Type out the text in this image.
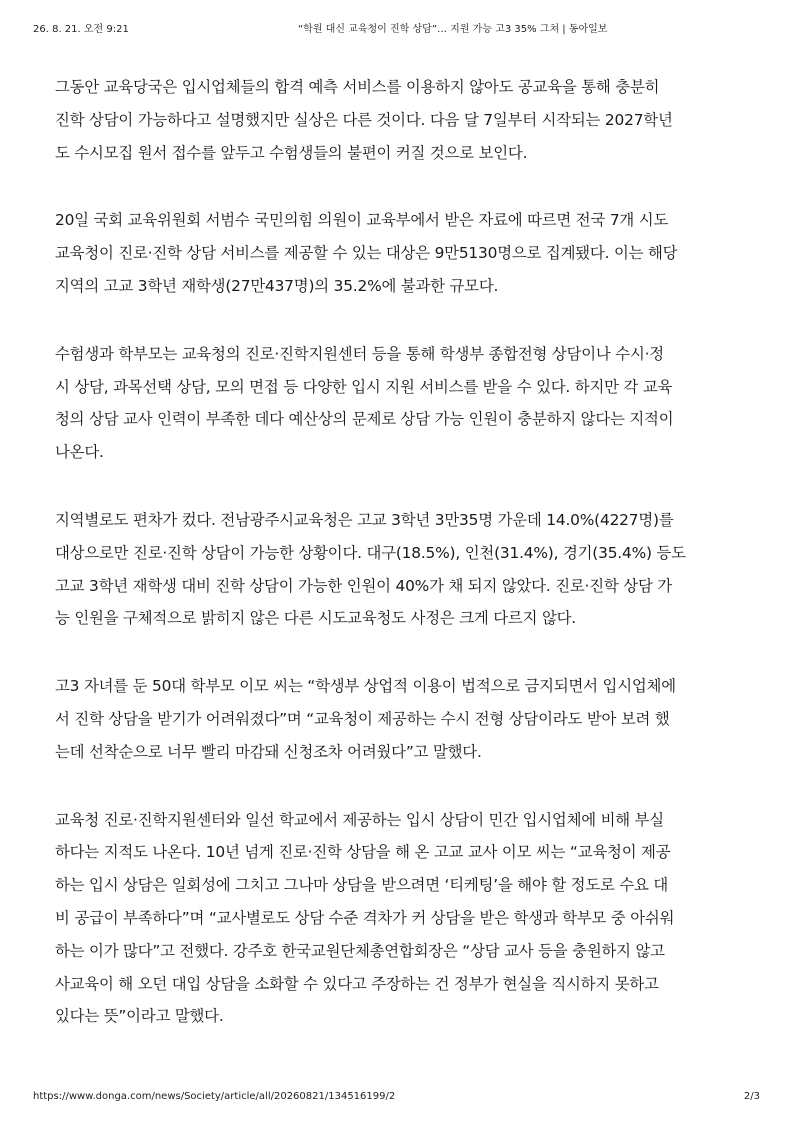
26. 8. 21. 오전 9:21	“학원 대신 교육청이 진학 상담”… 지원 가능 고3 35% 그쳐 | 동아일보

그동안 교육당국은 입시업체들의 합격 예측 서비스를 이용하지 않아도 공교육을 통해 충분히
진학 상담이 가능하다고 설명했지만 실상은 다른 것이다. 다음 달 7일부터 시작되는 2027학년
도 수시모집 원서 접수를 앞두고 수험생들의 불편이 커질 것으로 보인다.

20일 국회 교육위원회 서범수 국민의힘 의원이 교육부에서 받은 자료에 따르면 전국 7개 시도
교육청이 진로·진학 상담 서비스를 제공할 수 있는 대상은 9만5130명으로 집계됐다. 이는 해당
지역의 고교 3학년 재학생(27만437명)의 35.2%에 불과한 규모다.

수험생과 학부모는 교육청의 진로·진학지원센터 등을 통해 학생부 종합전형 상담이나 수시·정
시 상담, 과목선택 상담, 모의 면접 등 다양한 입시 지원 서비스를 받을 수 있다. 하지만 각 교육
청의 상담 교사 인력이 부족한 데다 예산상의 문제로 상담 가능 인원이 충분하지 않다는 지적이
나온다.

지역별로도 편차가 컸다. 전남광주시교육청은 고교 3학년 3만35명 가운데 14.0%(4227명)를
대상으로만 진로·진학 상담이 가능한 상황이다. 대구(18.5%), 인천(31.4%), 경기(35.4%) 등도
고교 3학년 재학생 대비 진학 상담이 가능한 인원이 40%가 채 되지 않았다. 진로·진학 상담 가
능 인원을 구체적으로 밝히지 않은 다른 시도교육청도 사정은 크게 다르지 않다.

고3 자녀를 둔 50대 학부모 이모 씨는 “학생부 상업적 이용이 법적으로 금지되면서 입시업체에
서 진학 상담을 받기가 어려워졌다”며 “교육청이 제공하는 수시 전형 상담이라도 받아 보려 했
는데 선착순으로 너무 빨리 마감돼 신청조차 어려웠다”고 말했다.

교육청 진로·진학지원센터와 일선 학교에서 제공하는 입시 상담이 민간 입시업체에 비해 부실
하다는 지적도 나온다. 10년 넘게 진로·진학 상담을 해 온 고교 교사 이모 씨는 “교육청이 제공
하는 입시 상담은 일회성에 그치고 그나마 상담을 받으려면 ‘티케팅’을 해야 할 정도로 수요 대
비 공급이 부족하다”며 “교사별로도 상담 수준 격차가 커 상담을 받은 학생과 학부모 중 아쉬워
하는 이가 많다”고 전했다. 강주호 한국교원단체총연합회장은 “상담 교사 등을 충원하지 않고
사교육이 해 오던 대입 상담을 소화할 수 있다고 주장하는 건 정부가 현실을 직시하지 못하고
있다는 뜻”이라고 말했다.

https://www.donga.com/news/Society/article/all/20260821/134516199/2	2/3
